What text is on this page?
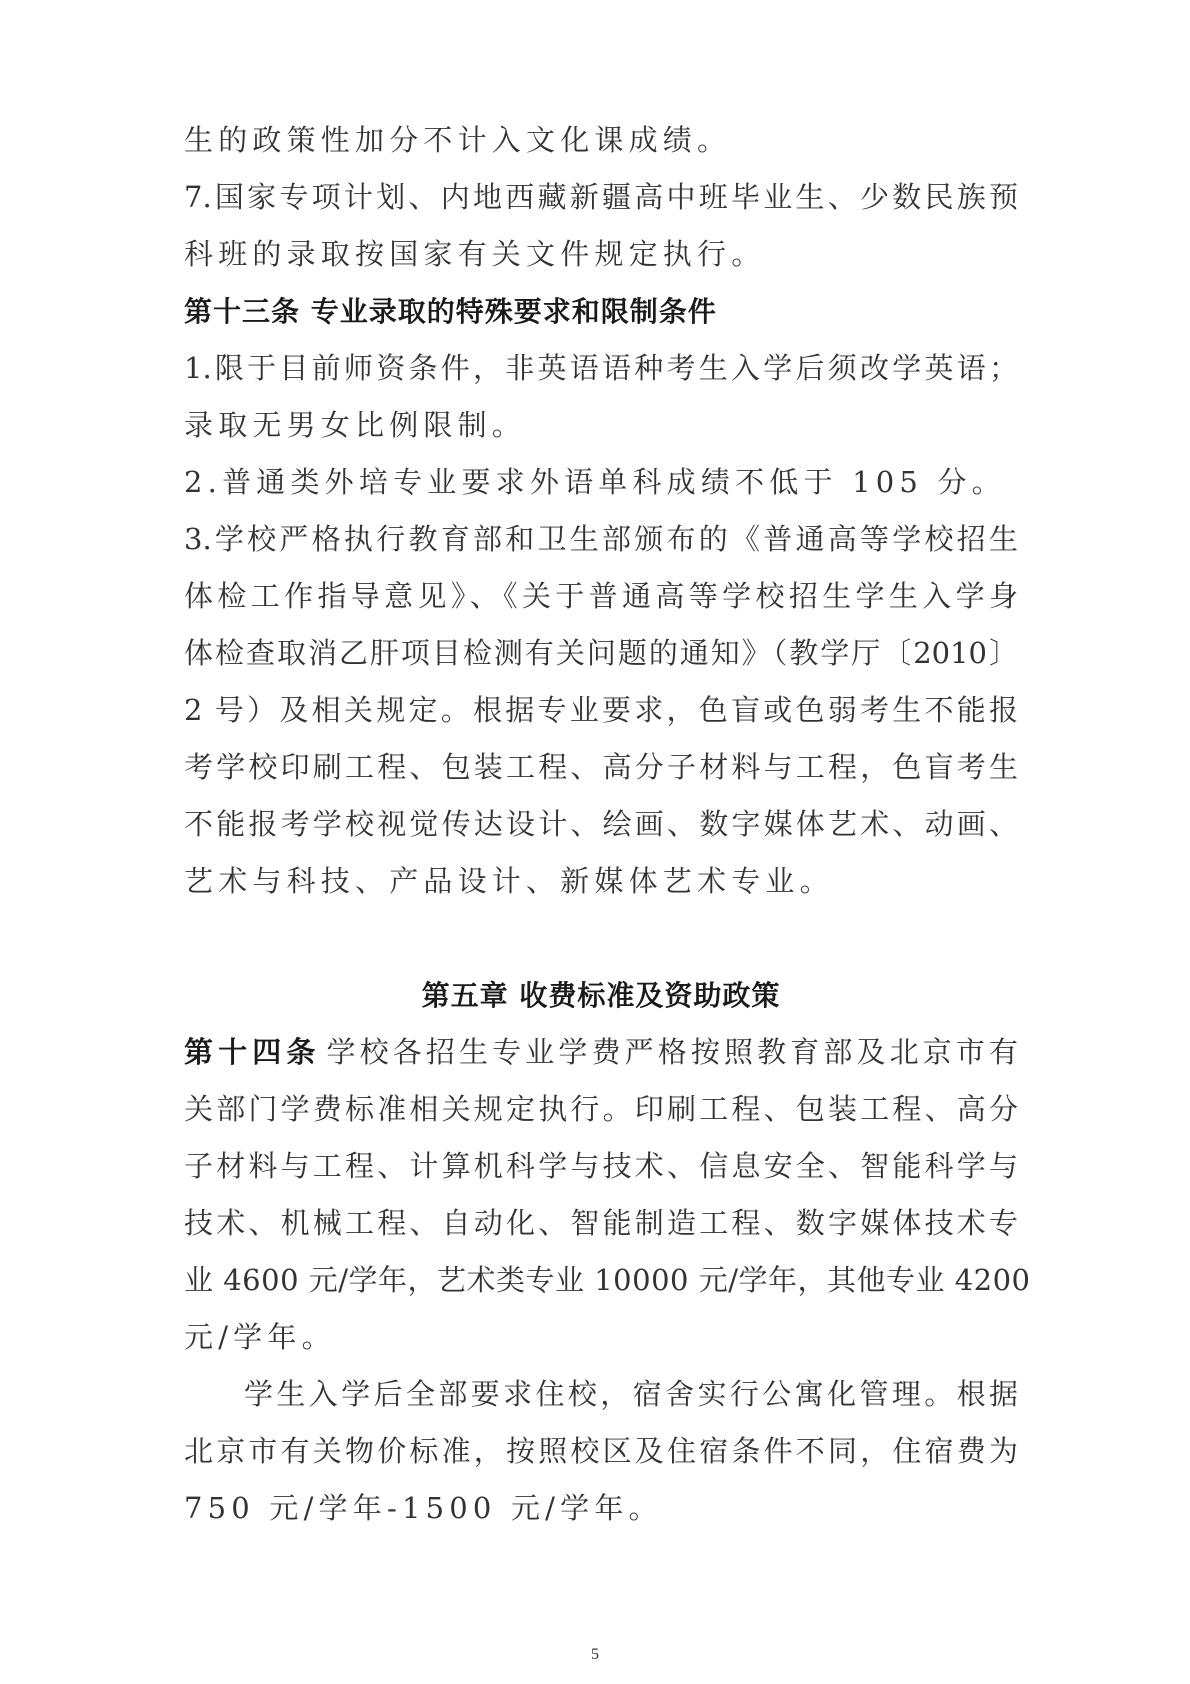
生的政策性加分不计入文化课成绩。
7.国家专项计划、内地西藏新疆高中班毕业生、少数民族预
科班的录取按国家有关文件规定执行。
第十三条 专业录取的特殊要求和限制条件
1.限于目前师资条件，非英语语种考生入学后须改学英语；
录取无男女比例限制。
2.普通类外培专业要求外语单科成绩不低于 105 分。
3.学校严格执行教育部和卫生部颁布的《普通高等学校招生
体检工作指导意见》、《关于普通高等学校招生学生入学身
体检查取消乙肝项目检测有关问题的通知》（教学厅〔2010〕
2 号）及相关规定。根据专业要求，色盲或色弱考生不能报
考学校印刷工程、包装工程、高分子材料与工程，色盲考生
不能报考学校视觉传达设计、绘画、数字媒体艺术、动画、
艺术与科技、产品设计、新媒体艺术专业。
第五章 收费标准及资助政策
第十四条 学校各招生专业学费严格按照教育部及北京市有
关部门学费标准相关规定执行。印刷工程、包装工程、高分
子材料与工程、计算机科学与技术、信息安全、智能科学与
技术、机械工程、自动化、智能制造工程、数字媒体技术专
业 4600 元/学年，艺术类专业 10000 元/学年，其他专业 4200
元/学年。
学生入学后全部要求住校，宿舍实行公寓化管理。根据
北京市有关物价标准，按照校区及住宿条件不同，住宿费为
750 元/学年-1500 元/学年。
5
